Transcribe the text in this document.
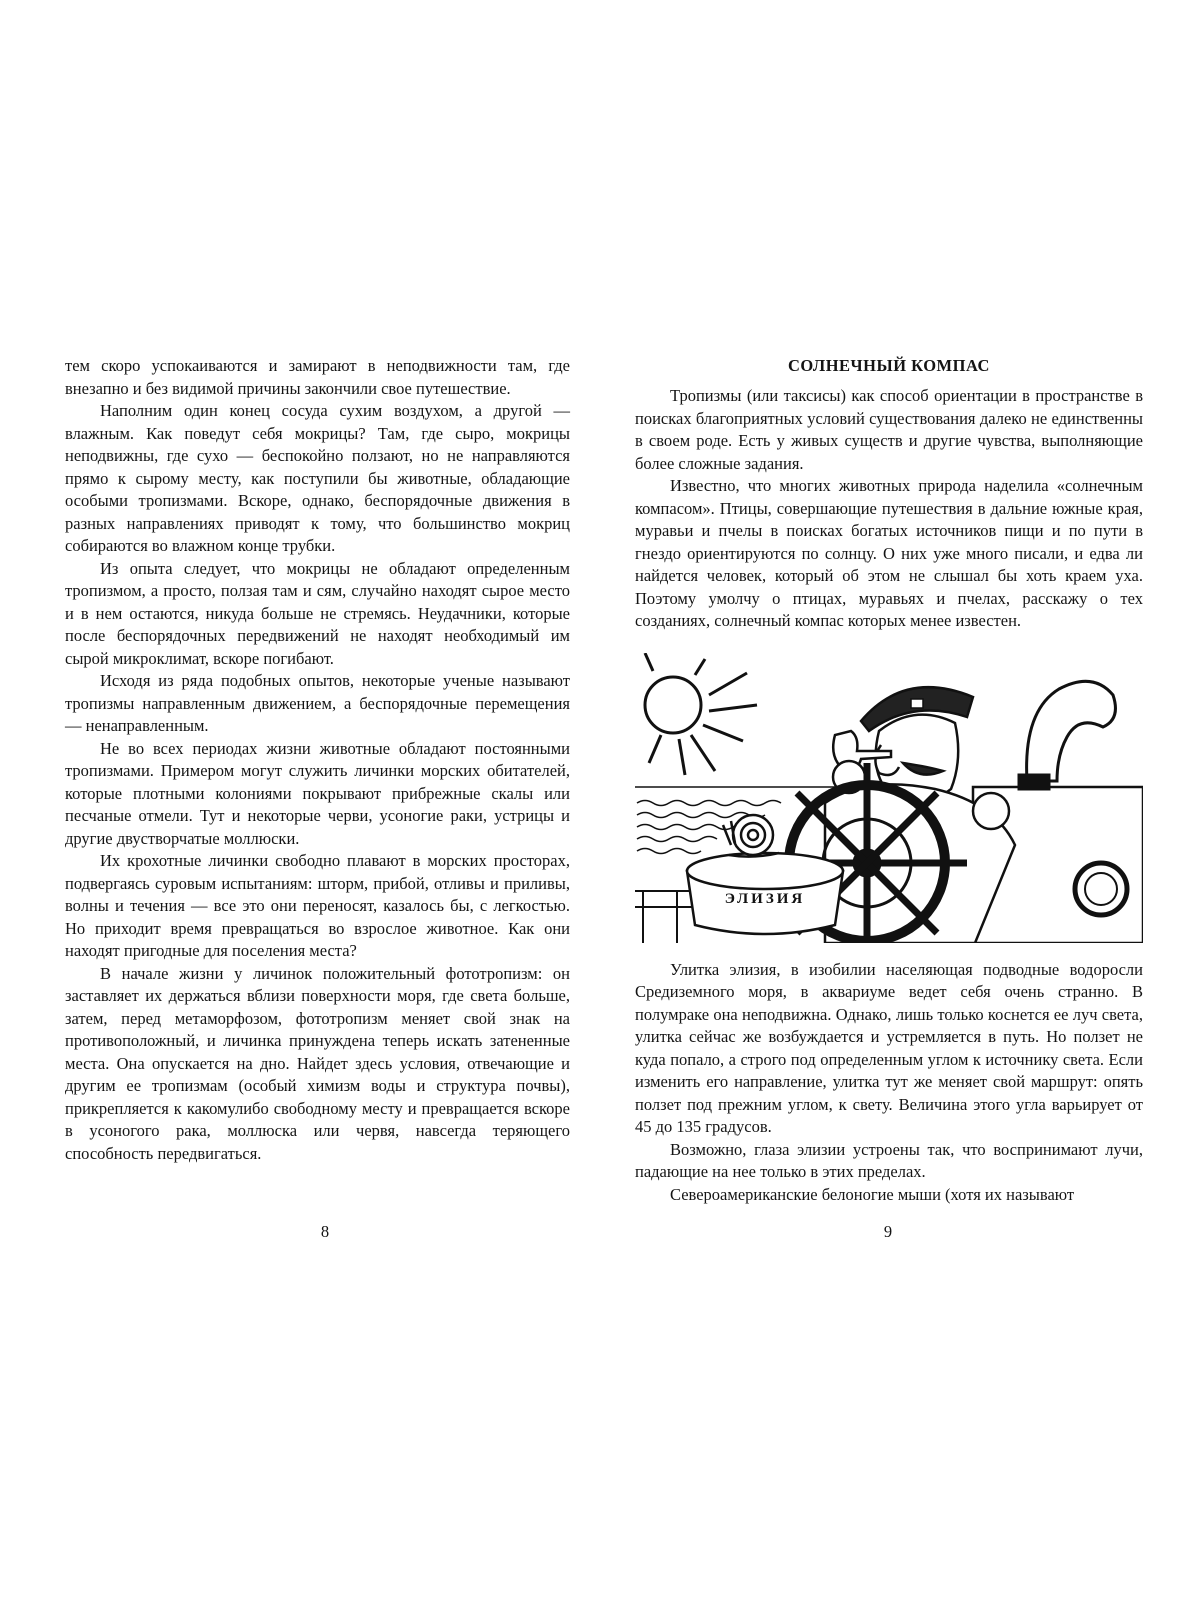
тем скоро успокаиваются и замирают в неподвижности там, где внезапно и без видимой причины закончили свое путешествие.

Наполним один конец сосуда сухим воздухом, а другой — влажным. Как поведут себя мокрицы? Там, где сыро, мокрицы неподвижны, где сухо — беспокойно ползают, но не направляются прямо к сырому месту, как поступили бы животные, обладающие особыми тропизмами. Вскоре, однако, беспорядочные движения в разных направлениях приводят к тому, что большинство мокриц собираются во влажном конце трубки.

Из опыта следует, что мокрицы не обладают определенным тропизмом, а просто, ползая там и сям, случайно находят сырое место и в нем остаются, никуда больше не стремясь. Неудачники, которые после беспорядочных передвижений не находят необходимый им сырой микроклимат, вскоре погибают.

Исходя из ряда подобных опытов, некоторые ученые называют тропизмы направленным движением, а беспорядочные перемещения — ненаправленным.

Не во всех периодах жизни животные обладают постоянными тропизмами. Примером могут служить личинки морских обитателей, которые плотными колониями покрывают прибрежные скалы или песчаные отмели. Тут и некоторые черви, усоногие раки, устрицы и другие двустворчатые моллюски.

Их крохотные личинки свободно плавают в морских просторах, подвергаясь суровым испытаниям: шторм, прибой, отливы и приливы, волны и течения — все это они переносят, казалось бы, с легкостью. Но приходит время превращаться во взрослое животное. Как они находят пригодные для поселения места?

В начале жизни у личинок положительный фототропизм: он заставляет их держаться вблизи поверхности моря, где света больше, затем, перед метаморфозом, фототропизм меняет свой знак на противоположный, и личинка принуждена теперь искать затененные места. Она опускается на дно. Найдет здесь условия, отвечающие и другим ее тропизмам (особый химизм воды и структура почвы), прикрепляется к какомулибо свободному месту и превращается вскоре в усоногого рака, моллюска или червя, навсегда теряющего способность передвигаться.

8
СОЛНЕЧНЫЙ КОМПАС

Тропизмы (или таксисы) как способ ориентации в пространстве в поисках благоприятных условий существования далеко не единственны в своем роде. Есть у живых существ и другие чувства, выполняющие более сложные задания.

Известно, что многих животных природа наделила «солнечным компасом». Птицы, совершающие путешествия в дальние южные края, муравьи и пчелы в поисках богатых источников пищи и по пути в гнездо ориентируются по солнцу. О них уже много писали, и едва ли найдется человек, который об этом не слышал бы хоть краем уха. Поэтому умолчу о птицах, муравьях и пчелах, расскажу о тех созданиях, солнечный компас которых менее известен.

ЭЛИЗИЯ

Улитка элизия, в изобилии населяющая подводные водоросли Средиземного моря, в аквариуме ведет себя очень странно. В полумраке она неподвижна. Однако, лишь только коснется ее луч света, улитка сейчас же возбуждается и устремляется в путь. Но ползет не куда попало, а строго под определенным углом к источнику света. Если изменить его направление, улитка тут же меняет свой маршрут: опять ползет под прежним углом, к свету. Величина этого угла варьирует от 45 до 135 градусов.

Возможно, глаза элизии устроены так, что воспринимают лучи, падающие на нее только в этих пределах.

Североамериканские белоногие мыши (хотя их называют

9
